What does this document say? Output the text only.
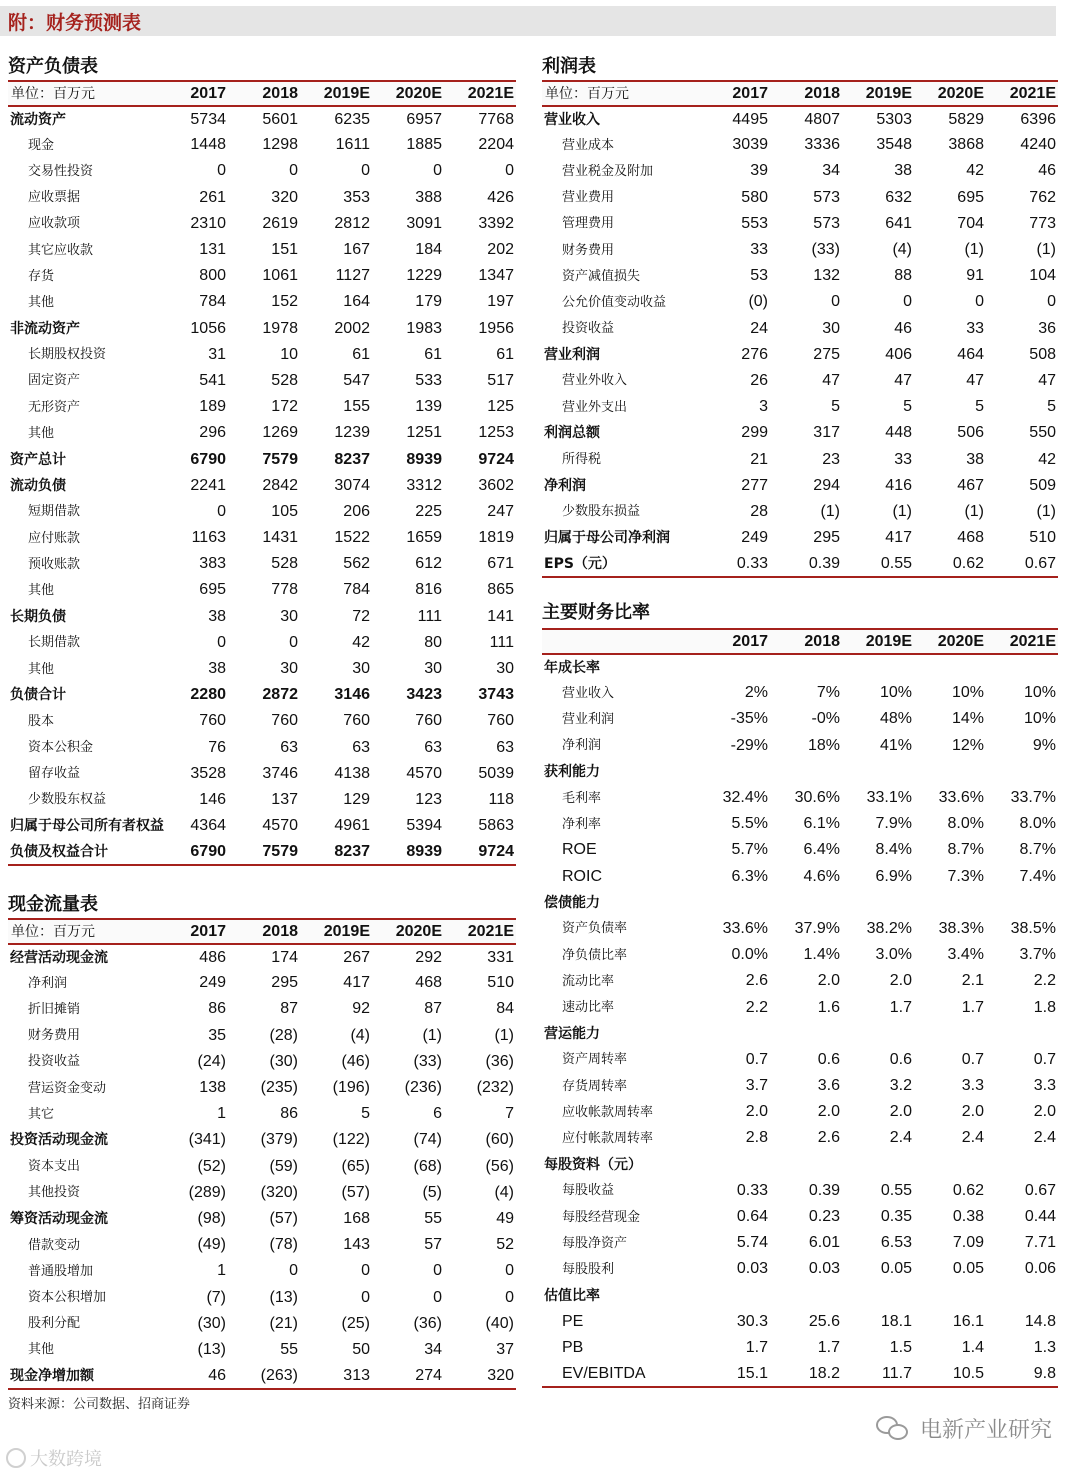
附：财务预测表
资产负债表
单位：百万元	2017	2018	2019E	2020E	2021E
流动资产	5734	5601	6235	6957	7768
现金	1448	1298	1611	1885	2204
交易性投资	0	0	0	0	0
应收票据	261	320	353	388	426
应收款项	2310	2619	2812	3091	3392
其它应收款	131	151	167	184	202
存货	800	1061	1127	1229	1347
其他	784	152	164	179	197
非流动资产	1056	1978	2002	1983	1956
长期股权投资	31	10	61	61	61
固定资产	541	528	547	533	517
无形资产	189	172	155	139	125
其他	296	1269	1239	1251	1253
资产总计	6790	7579	8237	8939	9724
流动负债	2241	2842	3074	3312	3602
短期借款	0	105	206	225	247
应付账款	1163	1431	1522	1659	1819
预收账款	383	528	562	612	671
其他	695	778	784	816	865
长期负债	38	30	72	111	141
长期借款	0	0	42	80	111
其他	38	30	30	30	30
负债合计	2280	2872	3146	3423	3743
股本	760	760	760	760	760
资本公积金	76	63	63	63	63
留存收益	3528	3746	4138	4570	5039
少数股东权益	146	137	129	123	118
归属于母公司所有者权益	4364	4570	4961	5394	5863
负债及权益合计	6790	7579	8237	8939	9724
现金流量表
单位：百万元	2017	2018	2019E	2020E	2021E
经营活动现金流	486	174	267	292	331
净利润	249	295	417	468	510
折旧摊销	86	87	92	87	84
财务费用	35	(28)	(4)	(1)	(1)
投资收益	(24)	(30)	(46)	(33)	(36)
营运资金变动	138	(235)	(196)	(236)	(232)
其它	1	86	5	6	7
投资活动现金流	(341)	(379)	(122)	(74)	(60)
资本支出	(52)	(59)	(65)	(68)	(56)
其他投资	(289)	(320)	(57)	(5)	(4)
筹资活动现金流	(98)	(57)	168	55	49
借款变动	(49)	(78)	143	57	52
普通股增加	1	0	0	0	0
资本公积增加	(7)	(13)	0	0	0
股利分配	(30)	(21)	(25)	(36)	(40)
其他	(13)	55	50	34	37
现金净增加额	46	(263)	313	274	320
利润表
单位：百万元	2017	2018	2019E	2020E	2021E
营业收入	4495	4807	5303	5829	6396
营业成本	3039	3336	3548	3868	4240
营业税金及附加	39	34	38	42	46
营业费用	580	573	632	695	762
管理费用	553	573	641	704	773
财务费用	33	(33)	(4)	(1)	(1)
资产减值损失	53	132	88	91	104
公允价值变动收益	(0)	0	0	0	0
投资收益	24	30	46	33	36
营业利润	276	275	406	464	508
营业外收入	26	47	47	47	47
营业外支出	3	5	5	5	5
利润总额	299	317	448	506	550
所得税	21	23	33	38	42
净利润	277	294	416	467	509
少数股东损益	28	(1)	(1)	(1)	(1)
归属于母公司净利润	249	295	417	468	510
EPS（元）	0.33	0.39	0.55	0.62	0.67
主要财务比率
	2017	2018	2019E	2020E	2021E
年成长率					
营业收入	2%	7%	10%	10%	10%
营业利润	-35%	-0%	48%	14%	10%
净利润	-29%	18%	41%	12%	9%
获利能力					
毛利率	32.4%	30.6%	33.1%	33.6%	33.7%
净利率	5.5%	6.1%	7.9%	8.0%	8.0%
ROE	5.7%	6.4%	8.4%	8.7%	8.7%
ROIC	6.3%	4.6%	6.9%	7.3%	7.4%
偿债能力					
资产负债率	33.6%	37.9%	38.2%	38.3%	38.5%
净负债比率	0.0%	1.4%	3.0%	3.4%	3.7%
流动比率	2.6	2.0	2.0	2.1	2.2
速动比率	2.2	1.6	1.7	1.7	1.8
营运能力					
资产周转率	0.7	0.6	0.6	0.7	0.7
存货周转率	3.7	3.6	3.2	3.3	3.3
应收帐款周转率	2.0	2.0	2.0	2.0	2.0
应付帐款周转率	2.8	2.6	2.4	2.4	2.4
每股资料（元）					
每股收益	0.33	0.39	0.55	0.62	0.67
每股经营现金	0.64	0.23	0.35	0.38	0.44
每股净资产	5.74	6.01	6.53	7.09	7.71
每股股利	0.03	0.03	0.05	0.05	0.06
估值比率					
PE	30.3	25.6	18.1	16.1	14.8
PB	1.7	1.7	1.5	1.4	1.3
EV/EBITDA	15.1	18.2	11.7	10.5	9.8
资料来源：公司数据、招商证券
电新产业研究
大数跨境
